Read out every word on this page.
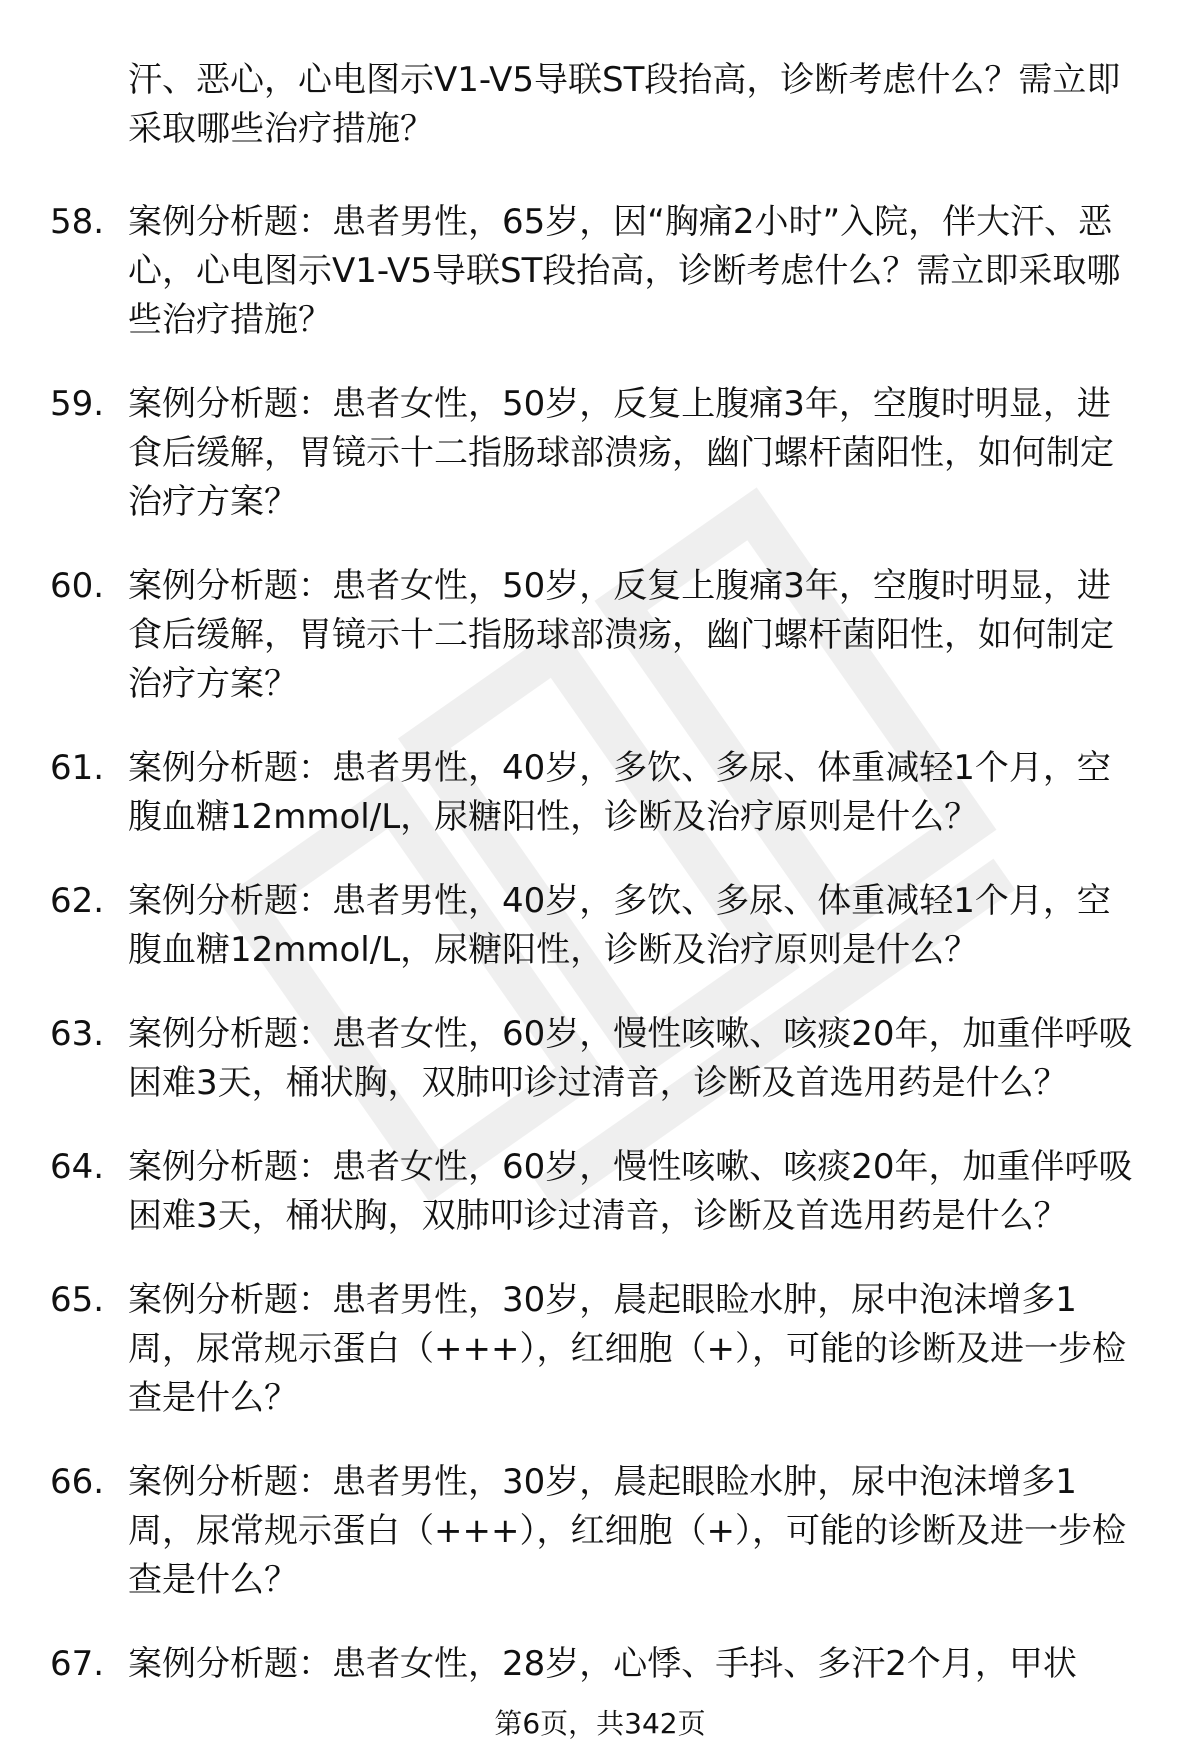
汗、恶心，心电图示V1-V5导联ST段抬高，诊断考虑什么？需立即采取哪些治疗措施？
58. 案例分析题：患者男性，65岁，因“胸痛2小时”入院，伴大汗、恶心，心电图示V1-V5导联ST段抬高，诊断考虑什么？需立即采取哪些治疗措施？
59. 案例分析题：患者女性，50岁，反复上腹痛3年，空腹时明显，进食后缓解，胃镜示十二指肠球部溃疡，幽门螺杆菌阳性，如何制定治疗方案？
60. 案例分析题：患者女性，50岁，反复上腹痛3年，空腹时明显，进食后缓解，胃镜示十二指肠球部溃疡，幽门螺杆菌阳性，如何制定治疗方案？
61. 案例分析题：患者男性，40岁，多饮、多尿、体重减轻1个月，空腹血糖12mmol/L，尿糖阳性，诊断及治疗原则是什么？
62. 案例分析题：患者男性，40岁，多饮、多尿、体重减轻1个月，空腹血糖12mmol/L，尿糖阳性，诊断及治疗原则是什么？
63. 案例分析题：患者女性，60岁，慢性咳嗽、咳痰20年，加重伴呼吸困难3天，桶状胸，双肺叩诊过清音，诊断及首选用药是什么？
64. 案例分析题：患者女性，60岁，慢性咳嗽、咳痰20年，加重伴呼吸困难3天，桶状胸，双肺叩诊过清音，诊断及首选用药是什么？
65. 案例分析题：患者男性，30岁，晨起眼睑水肿，尿中泡沫增多1周，尿常规示蛋白（+++），红细胞（+），可能的诊断及进一步检查是什么？
66. 案例分析题：患者男性，30岁，晨起眼睑水肿，尿中泡沫增多1周，尿常规示蛋白（+++），红细胞（+），可能的诊断及进一步检查是什么？
67. 案例分析题：患者女性，28岁，心悸、手抖、多汗2个月，甲状
第6页，共342页
